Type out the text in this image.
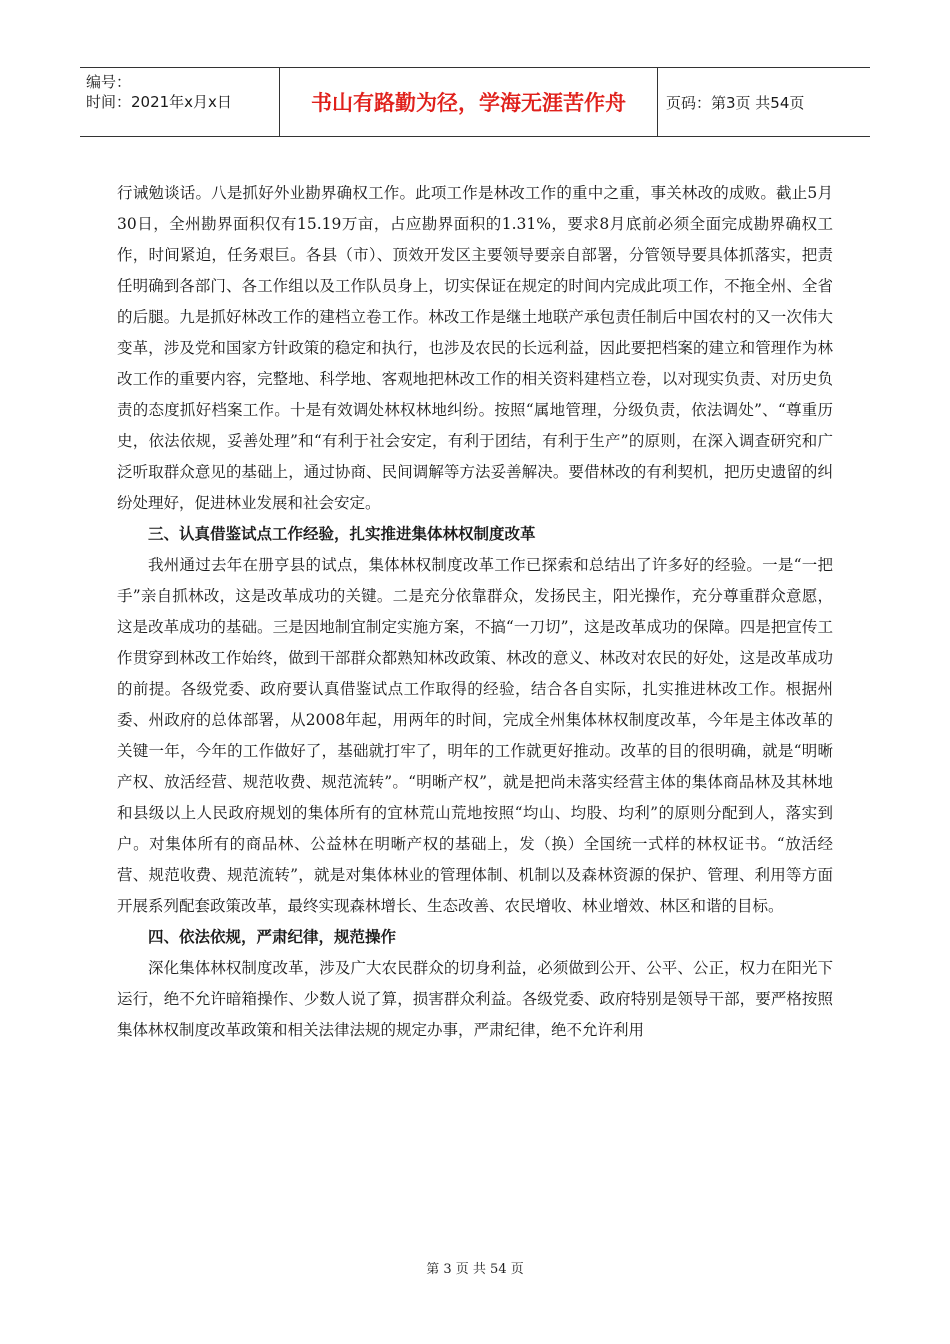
编号：
时间：2021年x月x日	书山有路勤为径，学海无涯苦作舟	页码：第3页 共54页

行诫勉谈话。八是抓好外业勘界确权工作。此项工作是林改工作的重中之重，事关林改的成败。截止5月30日，全州勘界面积仅有15.19万亩，占应勘界面积的1.31%，要求8月底前必须全面完成勘界确权工作，时间紧迫，任务艰巨。各县（市）、顶效开发区主要领导要亲自部署，分管领导要具体抓落实，把责任明确到各部门、各工作组以及工作队员身上，切实保证在规定的时间内完成此项工作，不拖全州、全省的后腿。九是抓好林改工作的建档立卷工作。林改工作是继土地联产承包责任制后中国农村的又一次伟大变革，涉及党和国家方针政策的稳定和执行，也涉及农民的长远利益，因此要把档案的建立和管理作为林改工作的重要内容，完整地、科学地、客观地把林改工作的相关资料建档立卷，以对现实负责、对历史负责的态度抓好档案工作。十是有效调处林权林地纠纷。按照“属地管理，分级负责，依法调处”、“尊重历史，依法依规，妥善处理”和“有利于社会安定，有利于团结，有利于生产”的原则，在深入调查研究和广泛听取群众意见的基础上，通过协商、民间调解等方法妥善解决。要借林改的有利契机，把历史遗留的纠纷处理好，促进林业发展和社会安定。

三、认真借鉴试点工作经验，扎实推进集体林权制度改革

我州通过去年在册亨县的试点，集体林权制度改革工作已探索和总结出了许多好的经验。一是“一把手”亲自抓林改，这是改革成功的关键。二是充分依靠群众，发扬民主，阳光操作，充分尊重群众意愿，这是改革成功的基础。三是因地制宜制定实施方案，不搞“一刀切”，这是改革成功的保障。四是把宣传工作贯穿到林改工作始终，做到干部群众都熟知林改政策、林改的意义、林改对农民的好处，这是改革成功的前提。各级党委、政府要认真借鉴试点工作取得的经验，结合各自实际，扎实推进林改工作。根据州委、州政府的总体部署，从2008年起，用两年的时间，完成全州集体林权制度改革，今年是主体改革的关键一年，今年的工作做好了，基础就打牢了，明年的工作就更好推动。改革的目的很明确，就是“明晰产权、放活经营、规范收费、规范流转”。“明晰产权”，就是把尚未落实经营主体的集体商品林及其林地和县级以上人民政府规划的集体所有的宜林荒山荒地按照“均山、均股、均利”的原则分配到人，落实到户。对集体所有的商品林、公益林在明晰产权的基础上，发（换）全国统一式样的林权证书。“放活经营、规范收费、规范流转”，就是对集体林业的管理体制、机制以及森林资源的保护、管理、利用等方面开展系列配套政策改革，最终实现森林增长、生态改善、农民增收、林业增效、林区和谐的目标。

四、依法依规，严肃纪律，规范操作

深化集体林权制度改革，涉及广大农民群众的切身利益，必须做到公开、公平、公正，权力在阳光下运行，绝不允许暗箱操作、少数人说了算，损害群众利益。各级党委、政府特别是领导干部，要严格按照集体林权制度改革政策和相关法律法规的规定办事，严肃纪律，绝不允许利用

第 3 页 共 54 页
